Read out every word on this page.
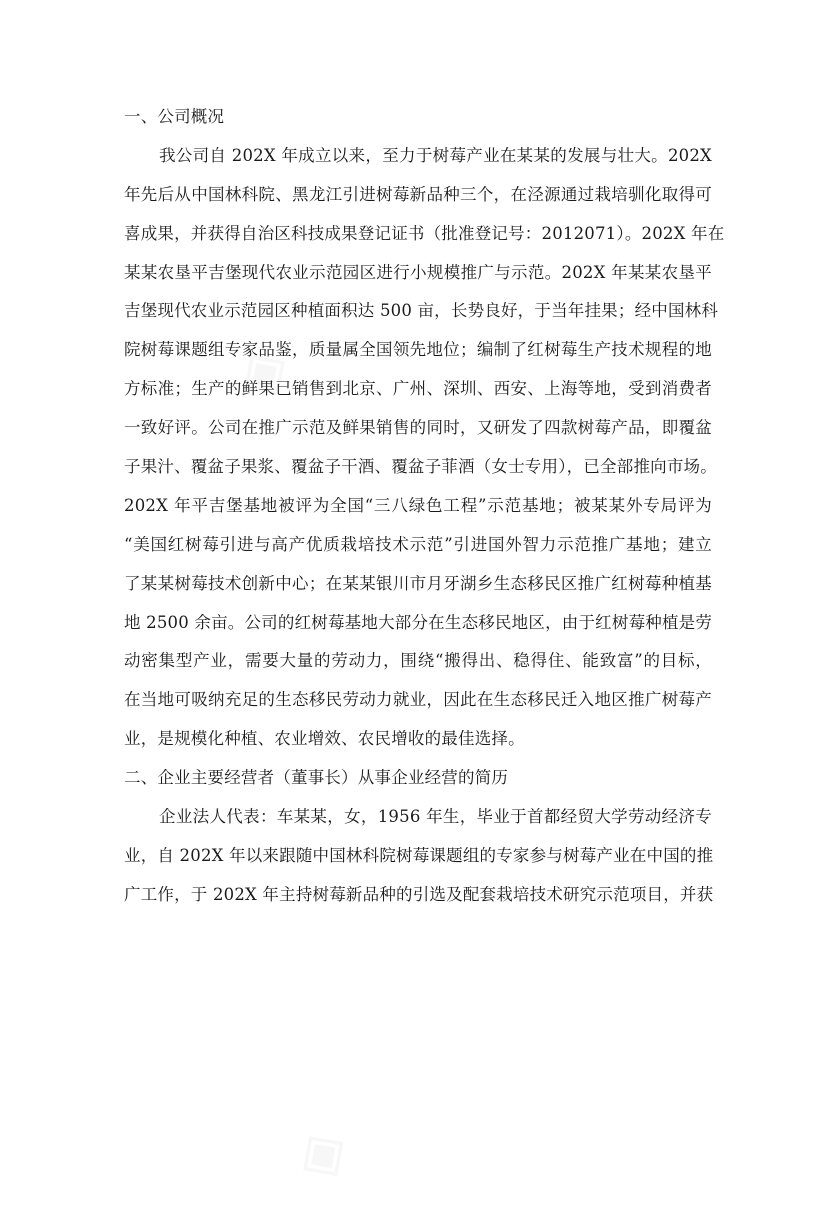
◈
◈
一、公司概况
我公司自 202X 年成立以来，至力于树莓产业在某某的发展与壮大。202X
年先后从中国林科院、黑龙江引进树莓新品种三个，在泾源通过栽培驯化取得可
喜成果，并获得自治区科技成果登记证书（批准登记号：2012071）。202X 年在
某某农垦平吉堡现代农业示范园区进行小规模推广与示范。202X 年某某农垦平
吉堡现代农业示范园区种植面积达 500 亩，长势良好，于当年挂果；经中国林科
院树莓课题组专家品鉴，质量属全国领先地位；编制了红树莓生产技术规程的地
方标准；生产的鲜果已销售到北京、广州、深圳、西安、上海等地，受到消费者
一致好评。公司在推广示范及鲜果销售的同时，又研发了四款树莓产品，即覆盆
子果汁、覆盆子果浆、覆盆子干酒、覆盆子菲酒（女士专用），已全部推向市场。
202X 年平吉堡基地被评为全国“三八绿色工程”示范基地；被某某外专局评为
“美国红树莓引进与高产优质栽培技术示范”引进国外智力示范推广基地；建立
了某某树莓技术创新中心；在某某银川市月牙湖乡生态移民区推广红树莓种植基
地 2500 余亩。公司的红树莓基地大部分在生态移民地区，由于红树莓种植是劳
动密集型产业，需要大量的劳动力，围绕“搬得出、稳得住、能致富”的目标，
在当地可吸纳充足的生态移民劳动力就业，因此在生态移民迁入地区推广树莓产
业，是规模化种植、农业增效、农民增收的最佳选择。
二、企业主要经营者（董事长）从事企业经营的简历
企业法人代表：车某某，女，1956 年生，毕业于首都经贸大学劳动经济专
业，自 202X 年以来跟随中国林科院树莓课题组的专家参与树莓产业在中国的推
广工作，于 202X 年主持树莓新品种的引选及配套栽培技术研究示范项目，并获
